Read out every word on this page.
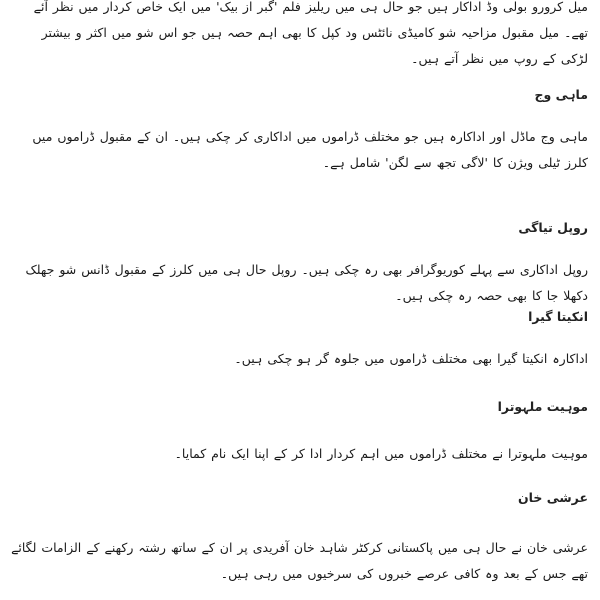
میل کرورو بولی وڈ اداکار ہیں جو حال ہی میں ریلیز فلم 'گبر از بیک' میں ایک خاص کردار میں نظر آئے تھے۔ میل مقبول مزاحیہ شو کامیڈی نائٹس ود کپل کا بھی اہم حصہ ہیں جو اس شو میں اکثر و بیشتر لڑکی کے روپ میں نظر آتے ہیں۔

ماہی وج

ماہی وج ماڈل اور اداکارہ ہیں جو مختلف ڈراموں میں اداکاری کر چکی ہیں۔ ان کے مقبول ڈراموں میں کلرز ٹیلی ویژن کا 'لاگی تجھ سے لگن' شامل ہے۔

روپل تیاگی

روپل اداکاری سے پہلے کوریوگرافر بھی رہ چکی ہیں۔ روپل حال ہی میں کلرز کے مقبول ڈانس شو جھلک دکھلا جا کا بھی حصہ رہ چکی ہیں۔

انکیتا گیرا

اداکارہ انکیتا گیرا بھی مختلف ڈراموں میں جلوہ گر ہو چکی ہیں۔

موہیت ملہوترا

موہیت ملہوترا نے مختلف ڈراموں میں اہم کردار ادا کر کے اپنا ایک نام کمایا۔

عرشی خان

عرشی خان نے حال ہی میں پاکستانی کرکٹر شاہد خان آفریدی پر ان کے ساتھ رشتہ رکھنے کے الزامات لگائے تھے جس کے بعد وہ کافی عرصے خبروں کی سرخیوں میں رہی ہیں۔
